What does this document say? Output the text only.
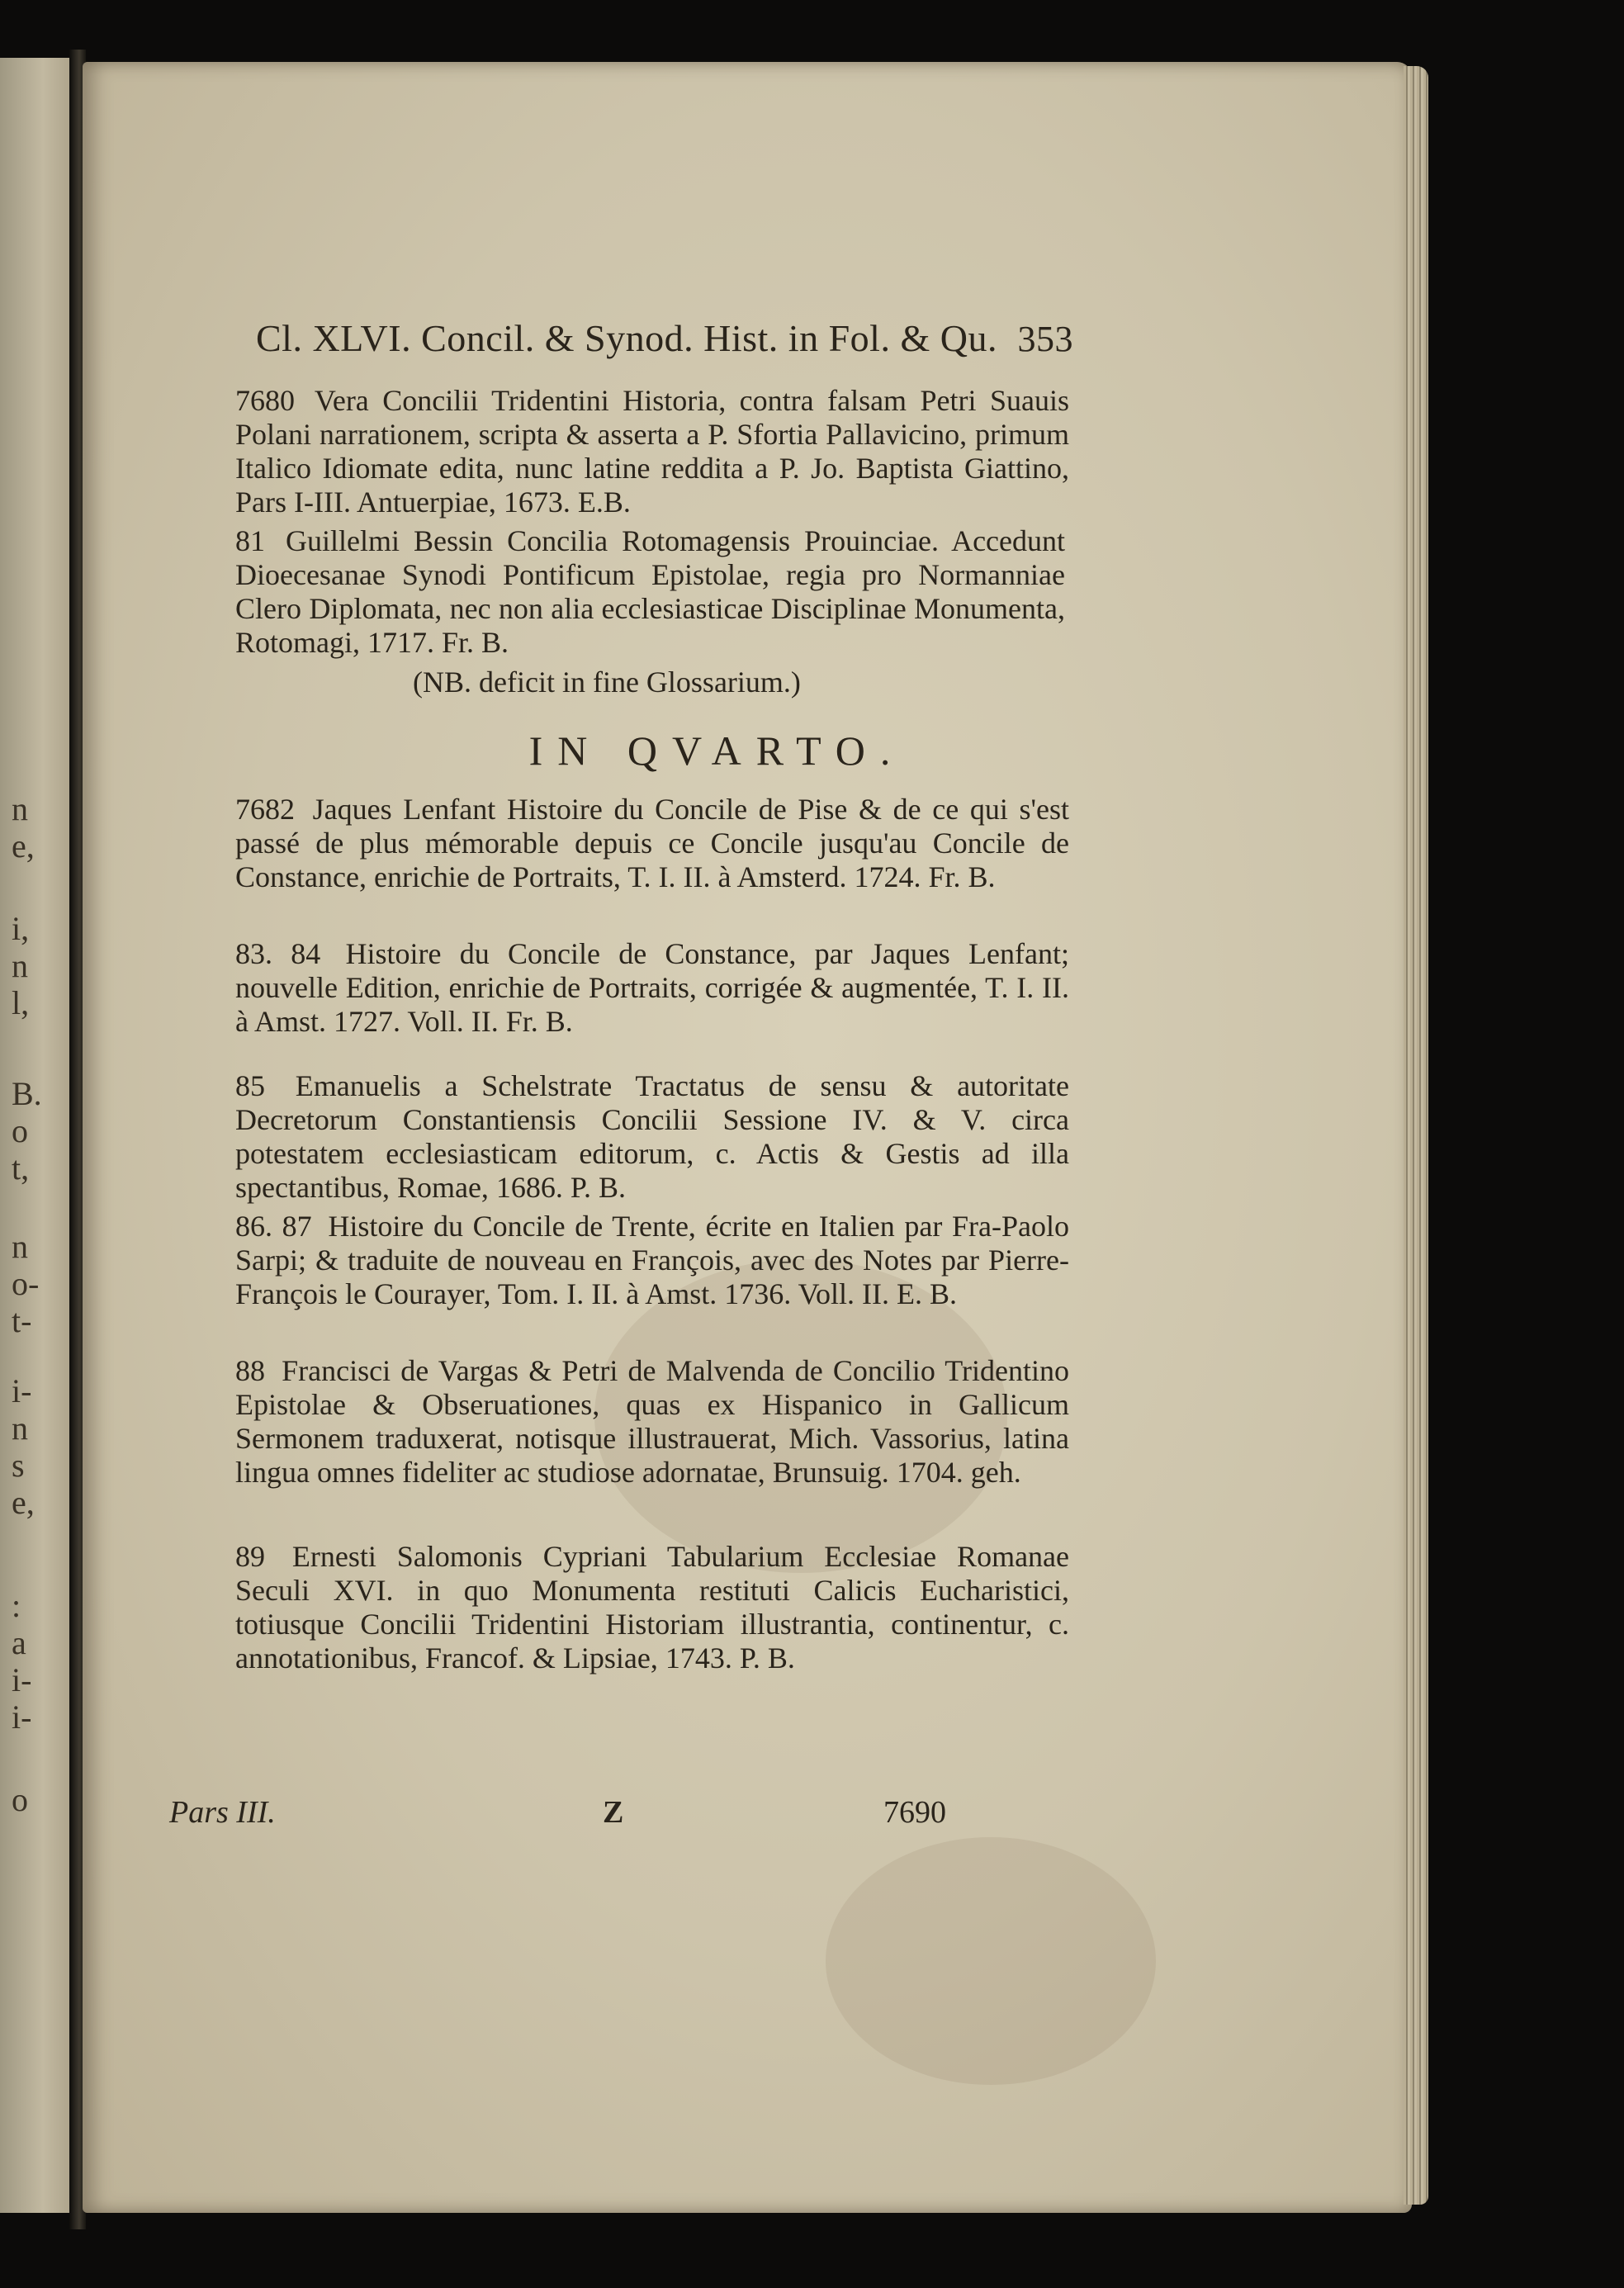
n
e,
i,
n
l,
B.
o
t,
n
o-
t-
i-
n
s
e,
:
a
i-
i-
o
Cl. XLVI. Concil. & Synod. Hist. in Fol. & Qu. 353
7680 Vera Concilii Tridentini Historia, contra falsam Petri Suauis Polani narrationem, scripta & asserta a P. Sfortia Pallavicino, primum Italico Idiomate edita, nunc latine reddita a P. Jo. Baptista Giattino, Pars I-III. Antuerpiae, 1673. E.B.
81 Guillelmi Bessin Concilia Rotomagensis Prouinciae. Accedunt Dioecesanae Synodi Pontificum Epistolae, regia pro Normanniae Clero Diplomata, nec non alia ecclesiasticae Disciplinae Monumenta, Rotomagi, 1717. Fr. B.
(NB. deficit in fine Glossarium.)
IN QVARTO.
7682 Jaques Lenfant Histoire du Concile de Pise & de ce qui s'est passé de plus mémorable depuis ce Concile jusqu'au Concile de Constance, enrichie de Portraits, T. I. II. à Amsterd. 1724. Fr. B.
83. 84 Histoire du Concile de Constance, par Jaques Lenfant; nouvelle Edition, enrichie de Portraits, corrigée & augmentée, T. I. II. à Amst. 1727. Voll. II. Fr. B.
85 Emanuelis a Schelstrate Tractatus de sensu & autoritate Decretorum Constantiensis Concilii Sessione IV. & V. circa potestatem ecclesiasticam editorum, c. Actis & Gestis ad illa spectantibus, Romae, 1686. P. B.
86. 87 Histoire du Concile de Trente, écrite en Italien par Fra-Paolo Sarpi; & traduite de nouveau en François, avec des Notes par Pierre-François le Courayer, Tom. I. II. à Amst. 1736. Voll. II. E. B.
88 Francisci de Vargas & Petri de Malvenda de Concilio Tridentino Epistolae & Obseruationes, quas ex Hispanico in Gallicum Sermonem traduxerat, notisque illustrauerat, Mich. Vassorius, latina lingua omnes fideliter ac studiose adornatae, Brunsuig. 1704. geh.
89 Ernesti Salomonis Cypriani Tabularium Ecclesiae Romanae Seculi XVI. in quo Monumenta restituti Calicis Eucharistici, totiusque Concilii Tridentini Historiam illustrantia, continentur, c. annotationibus, Francof. & Lipsiae, 1743. P. B.
Pars III.	Z	7690
